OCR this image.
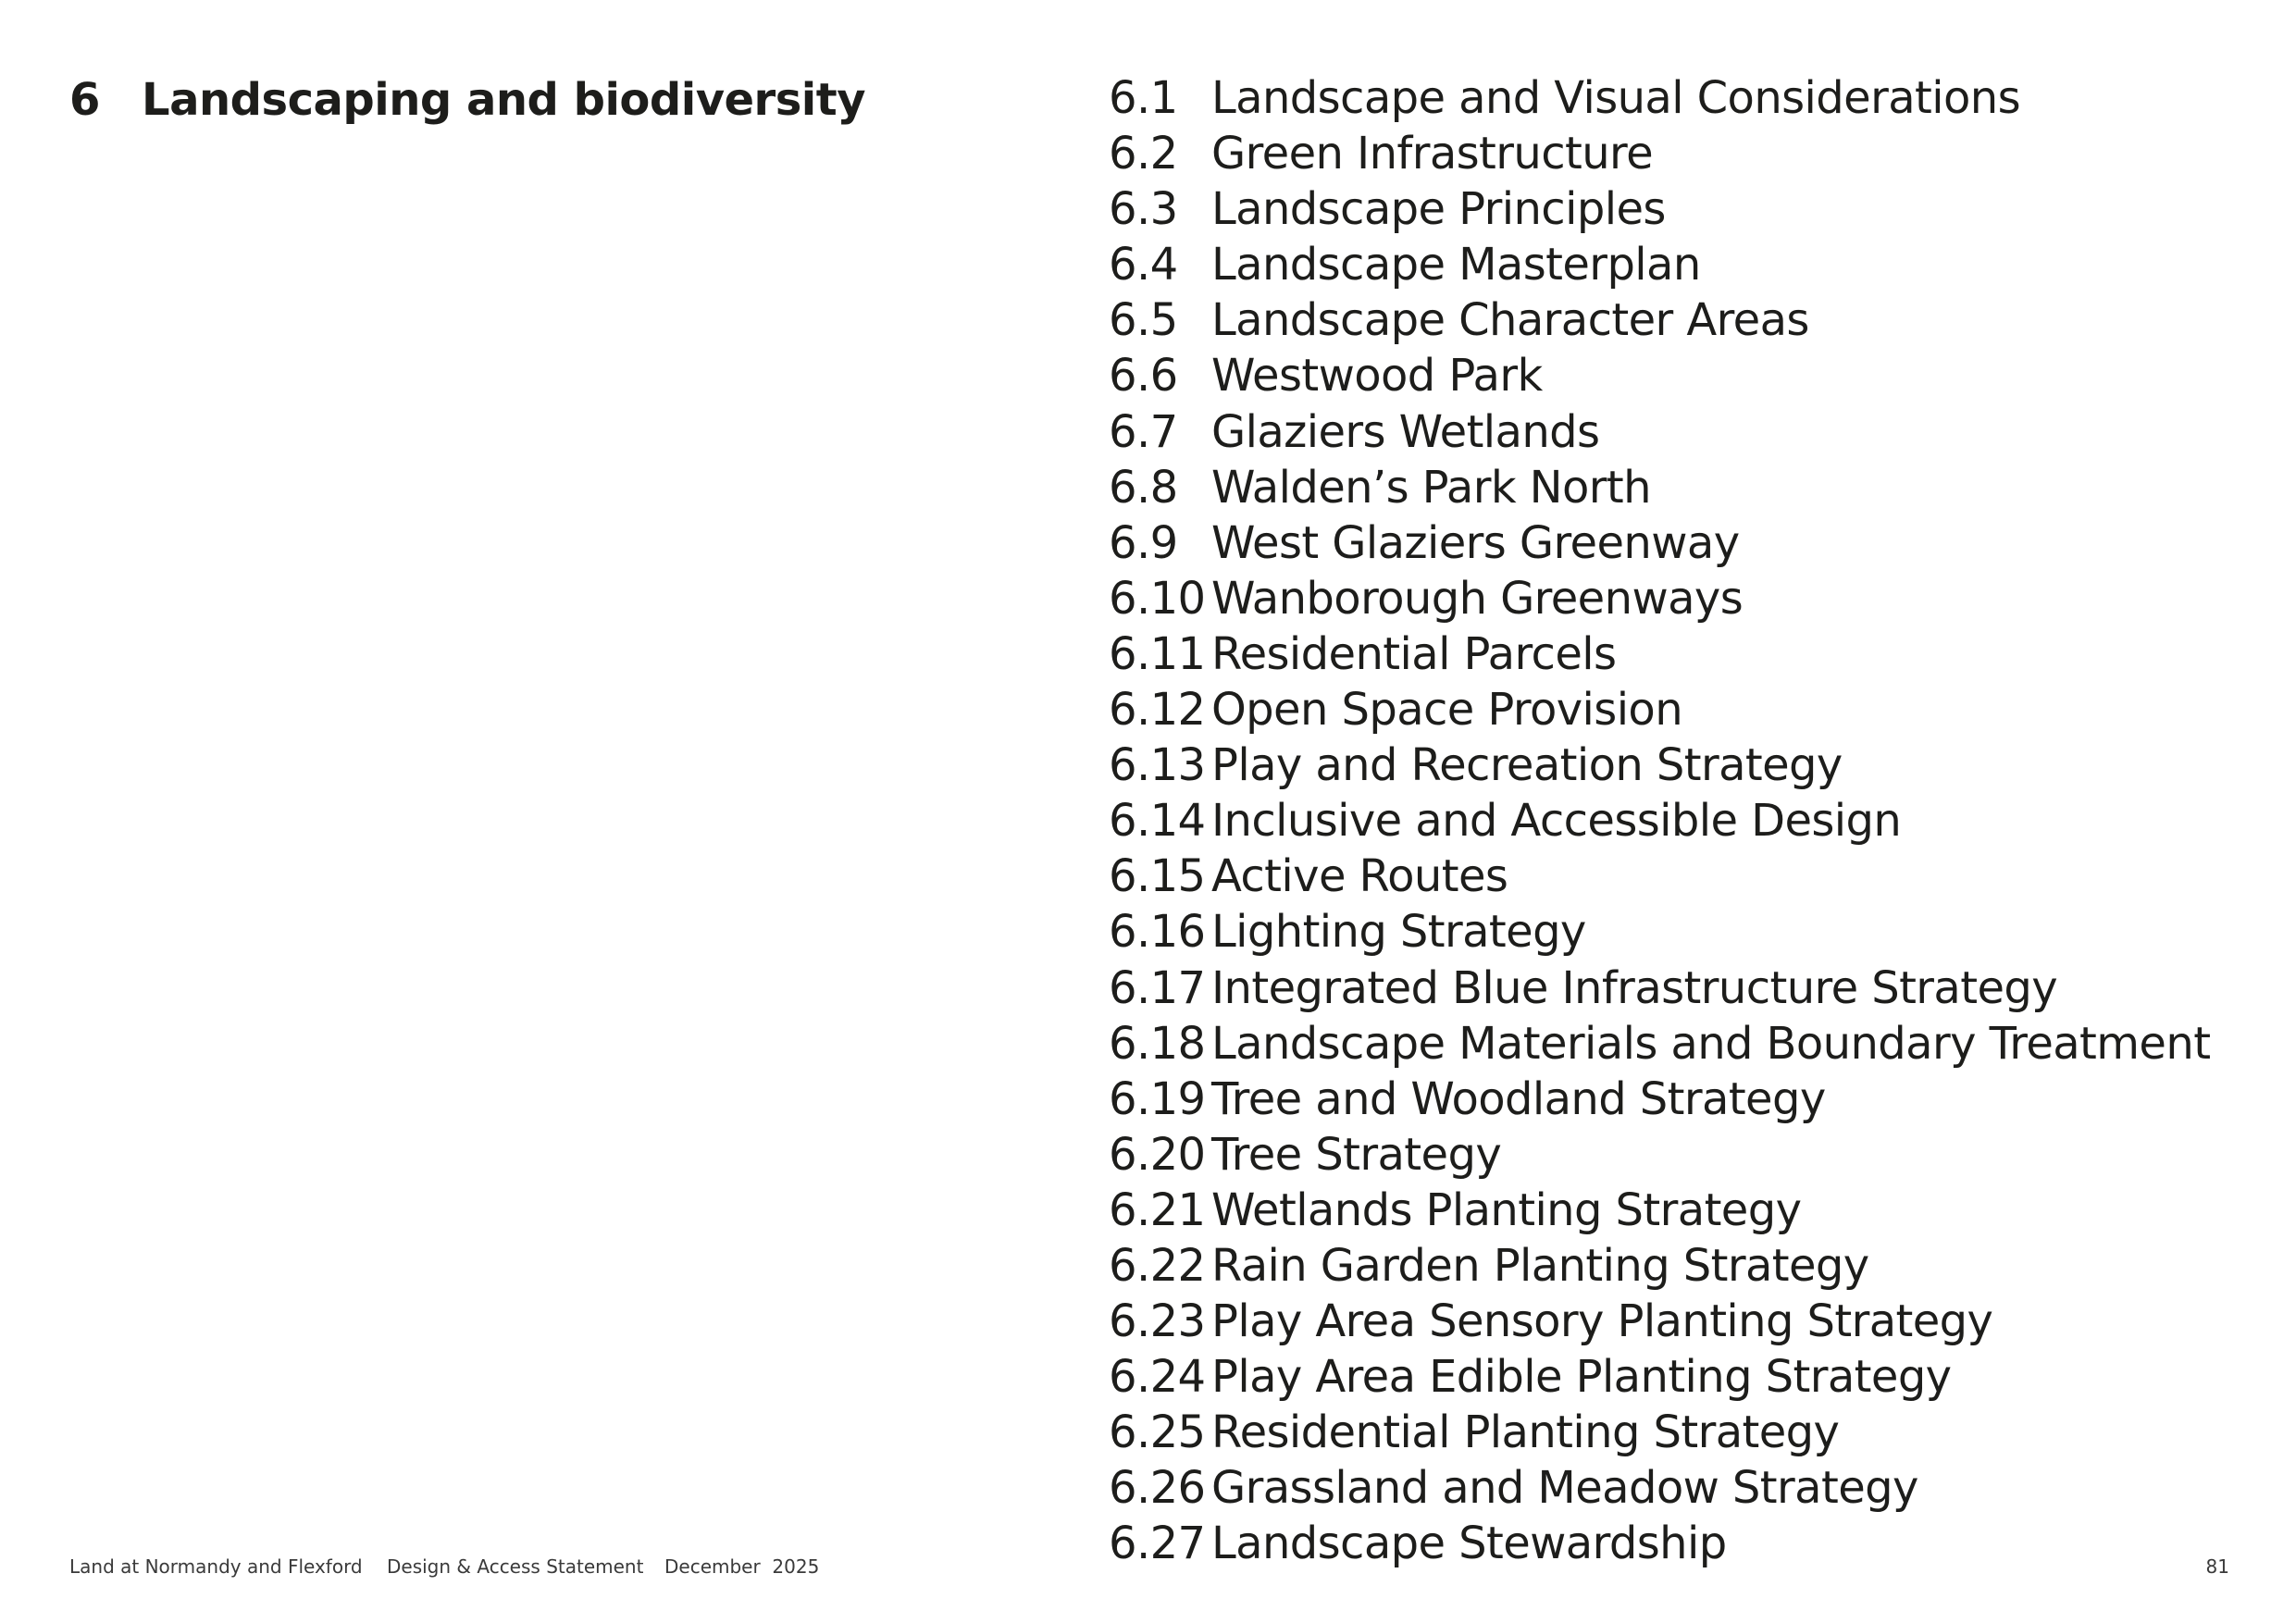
6 Landscaping and biodiversity	6.1 Landscape and Visual Considerations
6.2 Green Infrastructure
6.3 Landscape Principles
6.4 Landscape Masterplan
6.5 Landscape Character Areas
6.6 Westwood Park
6.7 Glaziers Wetlands
6.8 Walden’s Park North
6.9 West Glaziers Greenway
6.10 Wanborough Greenways
6.11 Residential Parcels
6.12 Open Space Provision
6.13 Play and Recreation Strategy
6.14 Inclusive and Accessible Design
6.15 Active Routes
6.16 Lighting Strategy
6.17 Integrated Blue Infrastructure Strategy
6.18 Landscape Materials and Boundary Treatment
6.19 Tree and Woodland Strategy
6.20 Tree Strategy
6.21 Wetlands Planting Strategy
6.22 Rain Garden Planting Strategy
6.23 Play Area Sensory Planting Strategy
6.24 Play Area Edible Planting Strategy
6.25 Residential Planting Strategy
6.26 Grassland and Meadow Strategy
6.27 Landscape Stewardship
Land at Normandy and Flexford Design & Access Statement December  2025	81
